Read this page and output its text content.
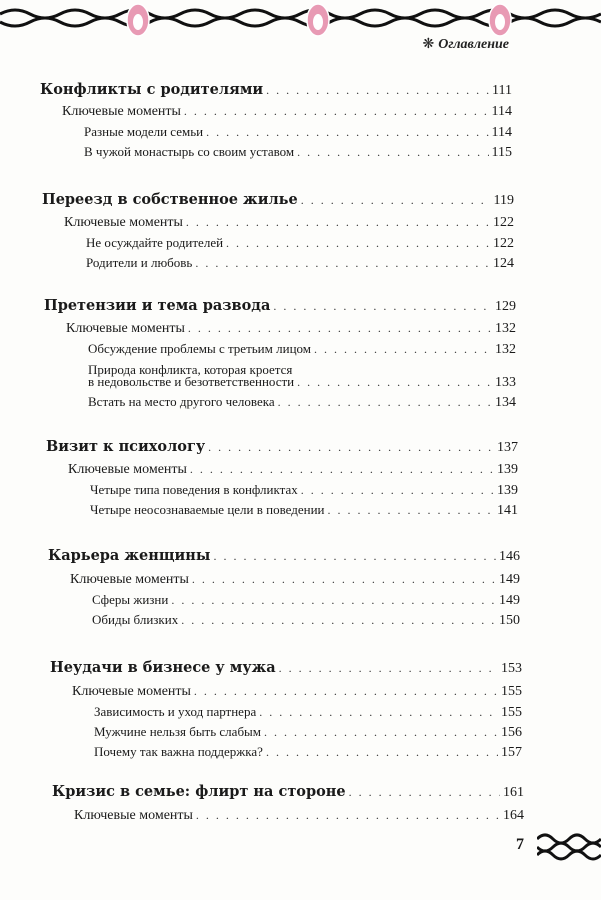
❋ Оглавление
Конфликты с родителями . . .	111
Ключевые моменты . . .	114
Разные модели семьи . . .	114
В чужой монастырь со своим уставом . . .	115
Переезд в собственное жилье . . .	119
Ключевые моменты . . .	122
Не осуждайте родителей . . .	122
Родители и любовь . . .	124
Претензии и тема развода . . .	129
Ключевые моменты . . .	132
Обсуждение проблемы с третьим лицом . . .	132
Природа конфликта, которая кроется
в недовольстве и безответственности . . .	133
Встать на место другого человека . . .	134
Визит к психологу . . .	137
Ключевые моменты . . .	139
Четыре типа поведения в конфликтах . . .	139
Четыре неосознаваемые цели в поведении . . .	141
Карьера женщины . . .	146
Ключевые моменты . . .	149
Сферы жизни . . .	149
Обиды близких . . .	150
Неудачи в бизнесе у мужа . . .	153
Ключевые моменты . . .	155
Зависимость и уход партнера . . .	155
Мужчине нельзя быть слабым . . .	156
Почему так важна поддержка? . . .	157
Кризис в семье: флирт на стороне . . .	161
Ключевые моменты . . .	164
7
